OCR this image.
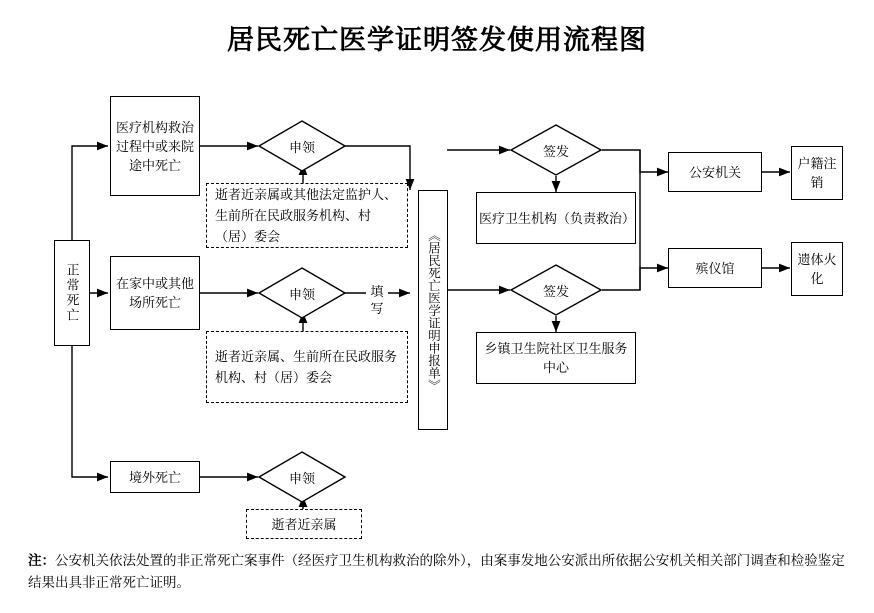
居民死亡医学证明签发使用流程图
正常死亡
医疗机构救治过程中或来院途中死亡
在家中或其他场所死亡
境外死亡
申领
申领
申领
签发
签发
逝者近亲属或其他法定监护人、生前所在民政服务机构、村（居）委会
逝者近亲属、生前所在民政服务机构、村（居）委会
逝者近亲属
填写	《居民死亡医学证明申报单》
医疗卫生机构（负责救治）
乡镇卫生院社区卫生服务中心
公安机关
殡仪馆
户籍注销
遗体火化
注：公安机关依法处置的非正常死亡案事件（经医疗卫生机构救治的除外），由案事发地公安派出所依据公安机关相关部门调查和检验鉴定结果出具非正常死亡证明。
